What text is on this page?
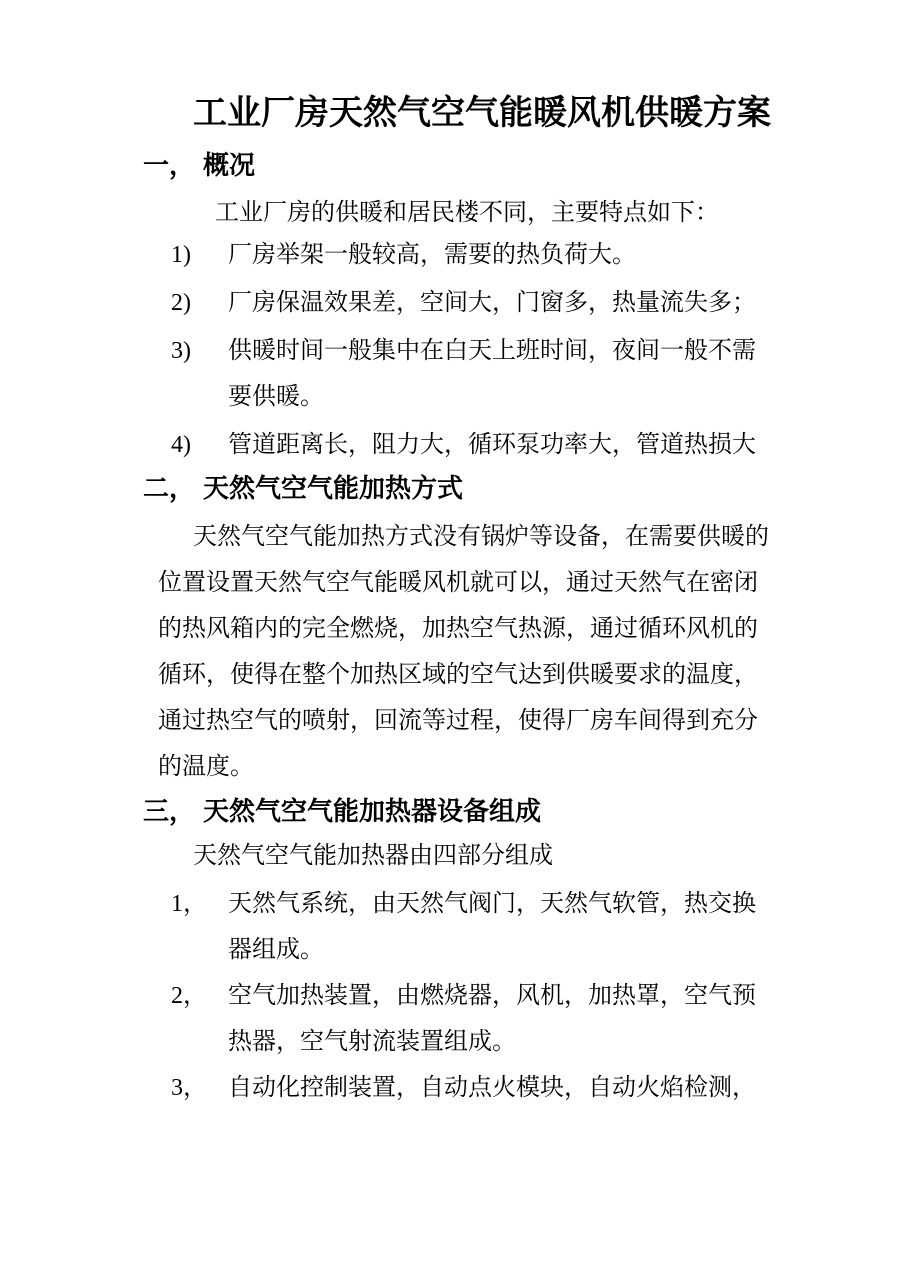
工业厂房天然气空气能暖风机供暖方案
一， 概况
工业厂房的供暖和居民楼不同，主要特点如下：
1)	厂房举架一般较高，需要的热负荷大。
2)	厂房保温效果差，空间大，门窗多，热量流失多；
3)	供暖时间一般集中在白天上班时间，夜间一般不需
要供暖。
4)	管道距离长，阻力大，循环泵功率大，管道热损大
二， 天然气空气能加热方式
天然气空气能加热方式没有锅炉等设备，在需要供暖的
位置设置天然气空气能暖风机就可以，通过天然气在密闭
的热风箱内的完全燃烧，加热空气热源，通过循环风机的
循环，使得在整个加热区域的空气达到供暖要求的温度，
通过热空气的喷射，回流等过程，使得厂房车间得到充分
的温度。
三， 天然气空气能加热器设备组成
天然气空气能加热器由四部分组成
1， 天然气系统，由天然气阀门，天然气软管，热交换
器组成。
2， 空气加热装置，由燃烧器，风机，加热罩，空气预
热器，空气射流装置组成。
3， 自动化控制装置，自动点火模块，自动火焰检测，
